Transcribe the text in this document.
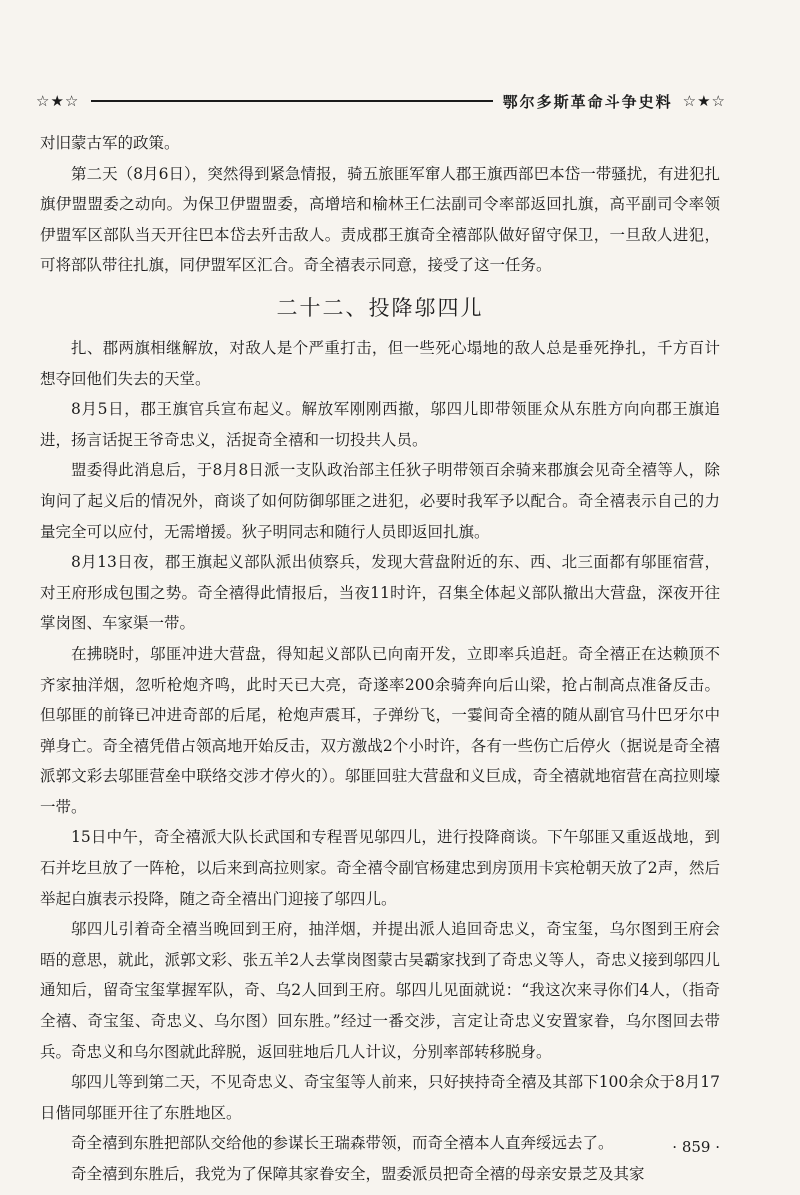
☆★☆	鄂尔多斯革命斗争史料 ☆★☆

对旧蒙古军的政策。

第二天（8月6日），突然得到紧急情报，骑五旅匪军窜人郡王旗西部巴本岱一带骚扰，有进犯扎旗伊盟盟委之动向。为保卫伊盟盟委，高增培和榆林王仁法副司令率部返回扎旗，高平副司令率领伊盟军区部队当天开往巴本岱去歼击敌人。责成郡王旗奇全禧部队做好留守保卫，一旦敌人进犯，可将部队带往扎旗，同伊盟军区汇合。奇全禧表示同意，接受了这一任务。

二十二、投降邬四儿

扎、郡两旗相继解放，对敌人是个严重打击，但一些死心塌地的敌人总是垂死挣扎，千方百计想夺回他们失去的天堂。

8月5日，郡王旗官兵宣布起义。解放军刚刚西撤，邬四儿即带领匪众从东胜方向向郡王旗追进，扬言话捉王爷奇忠义，活捉奇全禧和一切投共人员。

盟委得此消息后，于8月8日派一支队政治部主任狄子明带领百余骑来郡旗会见奇全禧等人，除询问了起义后的情况外，商谈了如何防御邬匪之进犯，必要时我军予以配合。奇全禧表示自己的力量完全可以应付，无需增援。狄子明同志和随行人员即返回扎旗。

8月13日夜，郡王旗起义部队派出侦察兵，发现大营盘附近的东、西、北三面都有邬匪宿营，对王府形成包围之势。奇全禧得此情报后，当夜11时许，召集全体起义部队撤出大营盘，深夜开往掌岗图、车家渠一带。

在拂晓时，邬匪冲进大营盘，得知起义部队已向南开发，立即率兵追赶。奇全禧正在达赖顶不齐家抽洋烟，忽听枪炮齐鸣，此时天已大亮，奇遂率200余骑奔向后山梁，抢占制高点准备反击。但邬匪的前锋已冲进奇部的后尾，枪炮声震耳，子弹纷飞，一霎间奇全禧的随从副官马什巴牙尔中弹身亡。奇全禧凭借占领高地开始反击，双方激战2个小时许，各有一些伤亡后停火（据说是奇全禧派郭文彩去邬匪营垒中联络交涉才停火的）。邬匪回驻大营盘和义巨成，奇全禧就地宿营在高拉则壕一带。

15日中午，奇全禧派大队长武国和专程晋见邬四儿，进行投降商谈。下午邬匪又重返战地，到石并圪旦放了一阵枪，以后来到高拉则家。奇全禧令副官杨建忠到房顶用卡宾枪朝天放了2声，然后举起白旗表示投降，随之奇全禧出门迎接了邬四儿。

邬四儿引着奇全禧当晚回到王府，抽洋烟，并提出派人追回奇忠义，奇宝玺，乌尔图到王府会晤的意思，就此，派郭文彩、张五羊2人去掌岗图蒙古吴霸家找到了奇忠义等人，奇忠义接到邬四儿通知后，留奇宝玺掌握军队，奇、乌2人回到王府。邬四儿见面就说：“我这次来寻你们4人，（指奇全禧、奇宝玺、奇忠义、乌尔图）回东胜。”经过一番交涉，言定让奇忠义安置家眷，乌尔图回去带兵。奇忠义和乌尔图就此辞脱，返回驻地后几人计议，分别率部转移脱身。

邬四儿等到第二天，不见奇忠义、奇宝玺等人前来，只好挟持奇全禧及其部下100余众于8月17日偕同邬匪开往了东胜地区。

奇全禧到东胜把部队交给他的参谋长王瑞森带领，而奇全禧本人直奔绥远去了。

奇全禧到东胜后，我党为了保障其家眷安全，盟委派员把奇全禧的母亲安景芝及其家

· 859 ·
